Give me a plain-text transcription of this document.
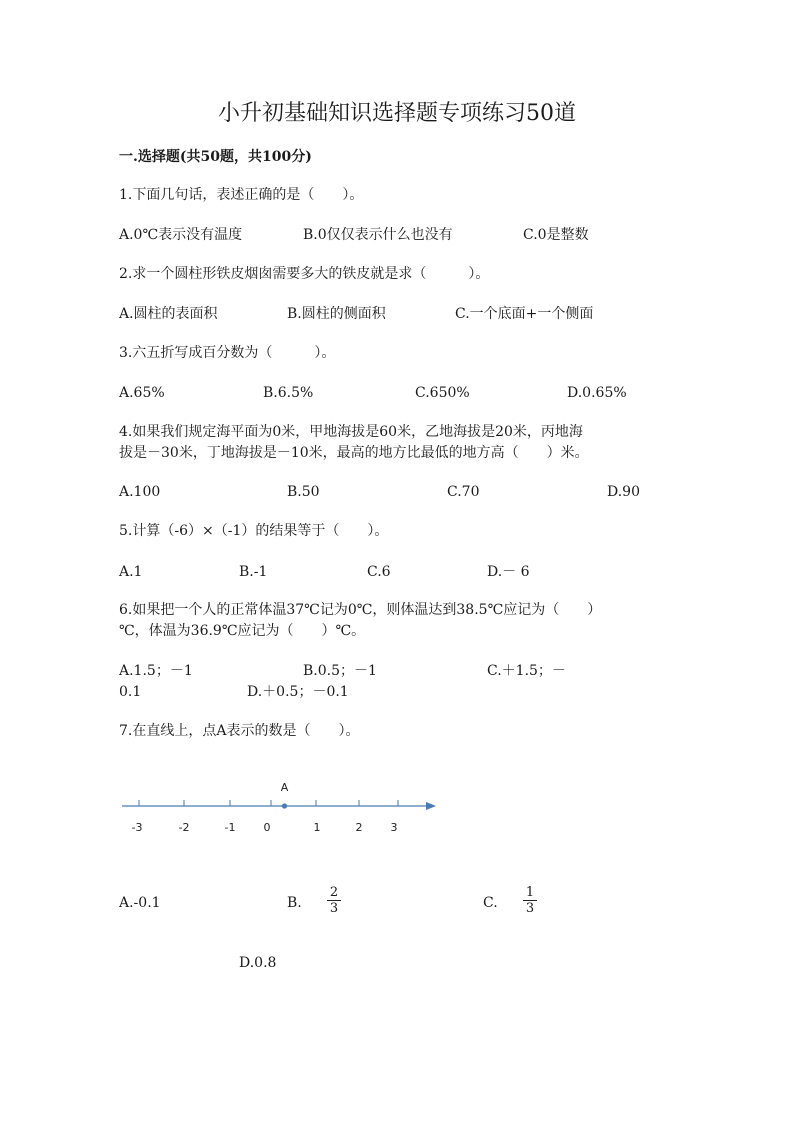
小升初基础知识选择题专项练习50道
一.选择题(共50题，共100分)
1.下面几句话，表述正确的是（　　）。
A.0℃表示没有温度	B.0仅仅表示什么也没有	C.0是整数
2.求一个圆柱形铁皮烟囱需要多大的铁皮就是求（　　　）。
A.圆柱的表面积	B.圆柱的侧面积	C.一个底面+一个侧面
3.六五折写成百分数为（　　　）。
A.65%	B.6.5%	C.650%	D.0.65%
4.如果我们规定海平面为0米，甲地海拔是60米，乙地海拔是20米，丙地海
拔是－30米，丁地海拔是－10米，最高的地方比最低的地方高（　　）米。
A.100	B.50	C.70	D.90
5.计算（-6）×（-1）的结果等于（　　）。
A.1	B.-1	C.6	D.－ 6
6.如果把一个人的正常体温37℃记为0℃，则体温达到38.5℃应记为（　　）
℃，体温为36.9℃应记为（　　）℃。
A.1.5；－1	B.0.5；－1	C.＋1.5；－
0.1	D.＋0.5；－0.1
7.在直线上，点A表示的数是（　　）。
-3	-2	-1	0	1	2	3
A
A.-0.1	B.
2
3	C.
1
3
D.0.8
